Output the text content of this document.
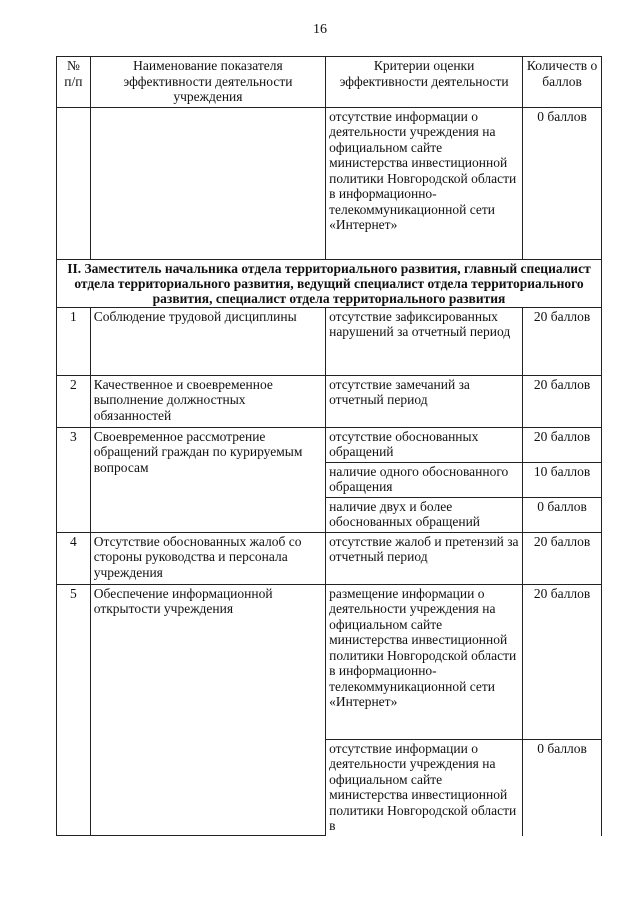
16
№ п/п	Наименование показателя эффективности деятельности учреждения	Критерии оценки эффективности деятельности	Количеств о баллов
		отсутствие информации о деятельности учреждения на официальном сайте министерства инвестиционной политики Новгородской области в информационно-телекоммуникационной сети «Интернет»	0 баллов
II. Заместитель начальника отдела территориального развития, главный специалист отдела территориального развития, ведущий специалист отдела территориального развития, специалист отдела территориального развития			
1	Соблюдение трудовой дисциплины	отсутствие зафиксированных нарушений за отчетный период	20 баллов
2	Качественное и своевременное выполнение должностных обязанностей	отсутствие замечаний за отчетный период	20 баллов
3	Своевременное рассмотрение обращений граждан по курируемым вопросам	отсутствие обоснованных обращений	20 баллов
		наличие одного обоснованного обращения	10 баллов
		наличие двух и более обоснованных обращений	0 баллов
4	Отсутствие обоснованных жалоб со стороны руководства и персонала учреждения	отсутствие жалоб и претензий за отчетный период	20 баллов
5	Обеспечение информационной открытости учреждения	размещение информации о деятельности учреждения на официальном сайте министерства инвестиционной политики Новгородской области в информационно-телекоммуникационной сети «Интернет»	20 баллов
		отсутствие информации о деятельности учреждения на официальном сайте министерства инвестиционной политики Новгородской области в	0 баллов
